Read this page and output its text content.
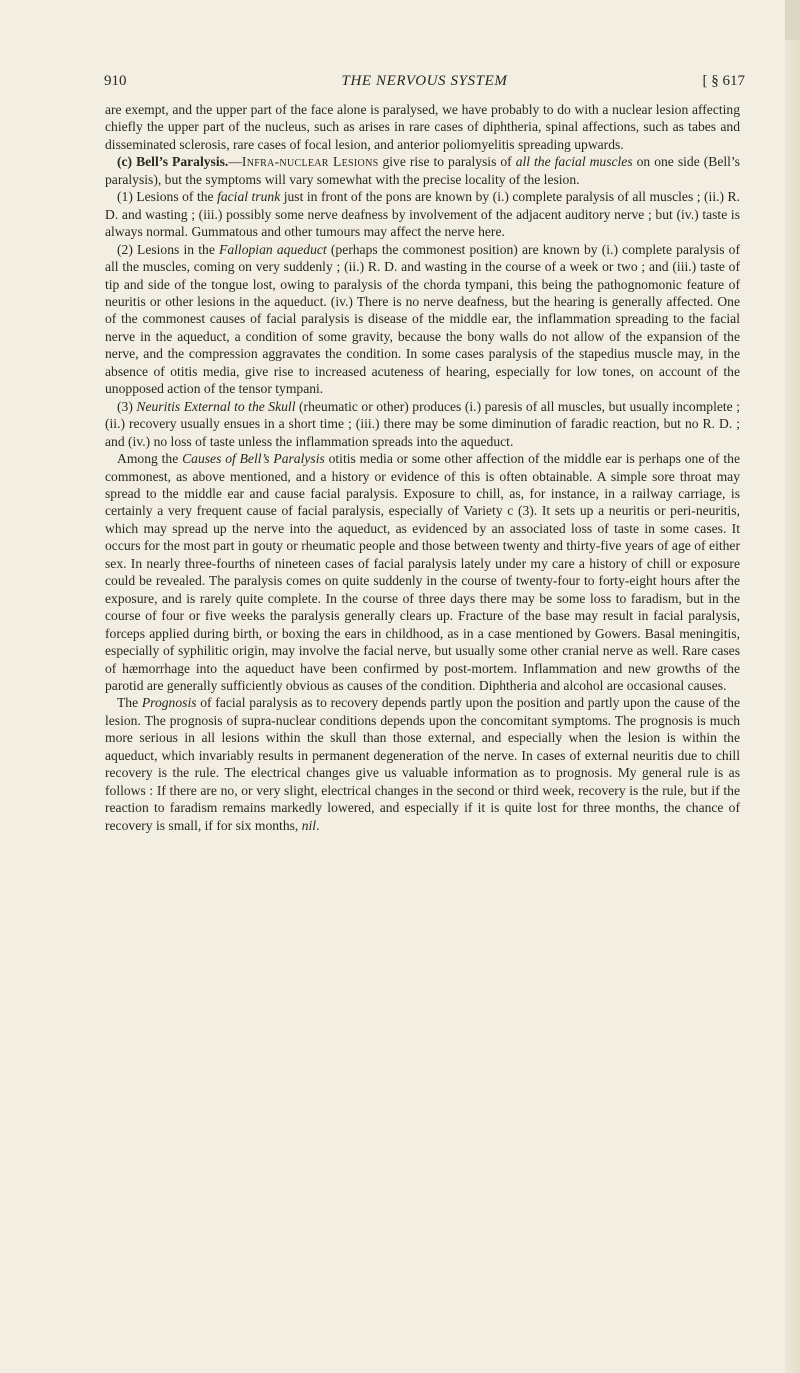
910	THE NERVOUS SYSTEM	[ § 617

are exempt, and the upper part of the face alone is paralysed, we have probably to do with a nuclear lesion affecting chiefly the upper part of the nucleus, such as arises in rare cases of diphtheria, spinal affections, such as tabes and disseminated sclerosis, rare cases of focal lesion, and anterior poliomyelitis spreading upwards.

(c) Bell’s Paralysis.—Infra-nuclear Lesions give rise to paralysis of all the facial muscles on one side (Bell’s paralysis), but the symptoms will vary somewhat with the precise locality of the lesion.

(1) Lesions of the facial trunk just in front of the pons are known by (i.) complete paralysis of all muscles ; (ii.) R. D. and wasting ; (iii.) possibly some nerve deafness by involvement of the adjacent auditory nerve ; but (iv.) taste is always normal. Gummatous and other tumours may affect the nerve here.

(2) Lesions in the Fallopian aqueduct (perhaps the commonest position) are known by (i.) complete paralysis of all the muscles, coming on very suddenly ; (ii.) R. D. and wasting in the course of a week or two ; and (iii.) taste of tip and side of the tongue lost, owing to paralysis of the chorda tympani, this being the pathognomonic feature of neuritis or other lesions in the aqueduct. (iv.) There is no nerve deafness, but the hearing is generally affected. One of the commonest causes of facial paralysis is disease of the middle ear, the inflammation spreading to the facial nerve in the aqueduct, a condition of some gravity, because the bony walls do not allow of the expansion of the nerve, and the compression aggravates the condition. In some cases paralysis of the stapedius muscle may, in the absence of otitis media, give rise to increased acuteness of hearing, especially for low tones, on account of the unopposed action of the tensor tympani.

(3) Neuritis External to the Skull (rheumatic or other) produces (i.) paresis of all muscles, but usually incomplete ; (ii.) recovery usually ensues in a short time ; (iii.) there may be some diminution of faradic reaction, but no R. D. ; and (iv.) no loss of taste unless the inflammation spreads into the aqueduct.

Among the Causes of Bell’s Paralysis otitis media or some other affection of the middle ear is perhaps one of the commonest, as above mentioned, and a history or evidence of this is often obtainable. A simple sore throat may spread to the middle ear and cause facial paralysis. Exposure to chill, as, for instance, in a railway carriage, is certainly a very frequent cause of facial paralysis, especially of Variety c (3). It sets up a neuritis or peri-neuritis, which may spread up the nerve into the aqueduct, as evidenced by an associated loss of taste in some cases. It occurs for the most part in gouty or rheumatic people and those between twenty and thirty-five years of age of either sex. In nearly three-fourths of nineteen cases of facial paralysis lately under my care a history of chill or exposure could be revealed. The paralysis comes on quite suddenly in the course of twenty-four to forty-eight hours after the exposure, and is rarely quite complete. In the course of three days there may be some loss to faradism, but in the course of four or five weeks the paralysis generally clears up. Fracture of the base may result in facial paralysis, forceps applied during birth, or boxing the ears in childhood, as in a case mentioned by Gowers. Basal meningitis, especially of syphilitic origin, may involve the facial nerve, but usually some other cranial nerve as well. Rare cases of hæmorrhage into the aqueduct have been confirmed by post-mortem. Inflammation and new growths of the parotid are generally sufficiently obvious as causes of the condition. Diphtheria and alcohol are occasional causes.

The Prognosis of facial paralysis as to recovery depends partly upon the position and partly upon the cause of the lesion. The prognosis of supra-nuclear conditions depends upon the concomitant symptoms. The prognosis is much more serious in all lesions within the skull than those external, and especially when the lesion is within the aqueduct, which invariably results in permanent degeneration of the nerve. In cases of external neuritis due to chill recovery is the rule. The electrical changes give us valuable information as to prognosis. My general rule is as follows : If there are no, or very slight, electrical changes in the second or third week, recovery is the rule, but if the reaction to faradism remains markedly lowered, and especially if it is quite lost for three months, the chance of recovery is small, if for six months, nil.
